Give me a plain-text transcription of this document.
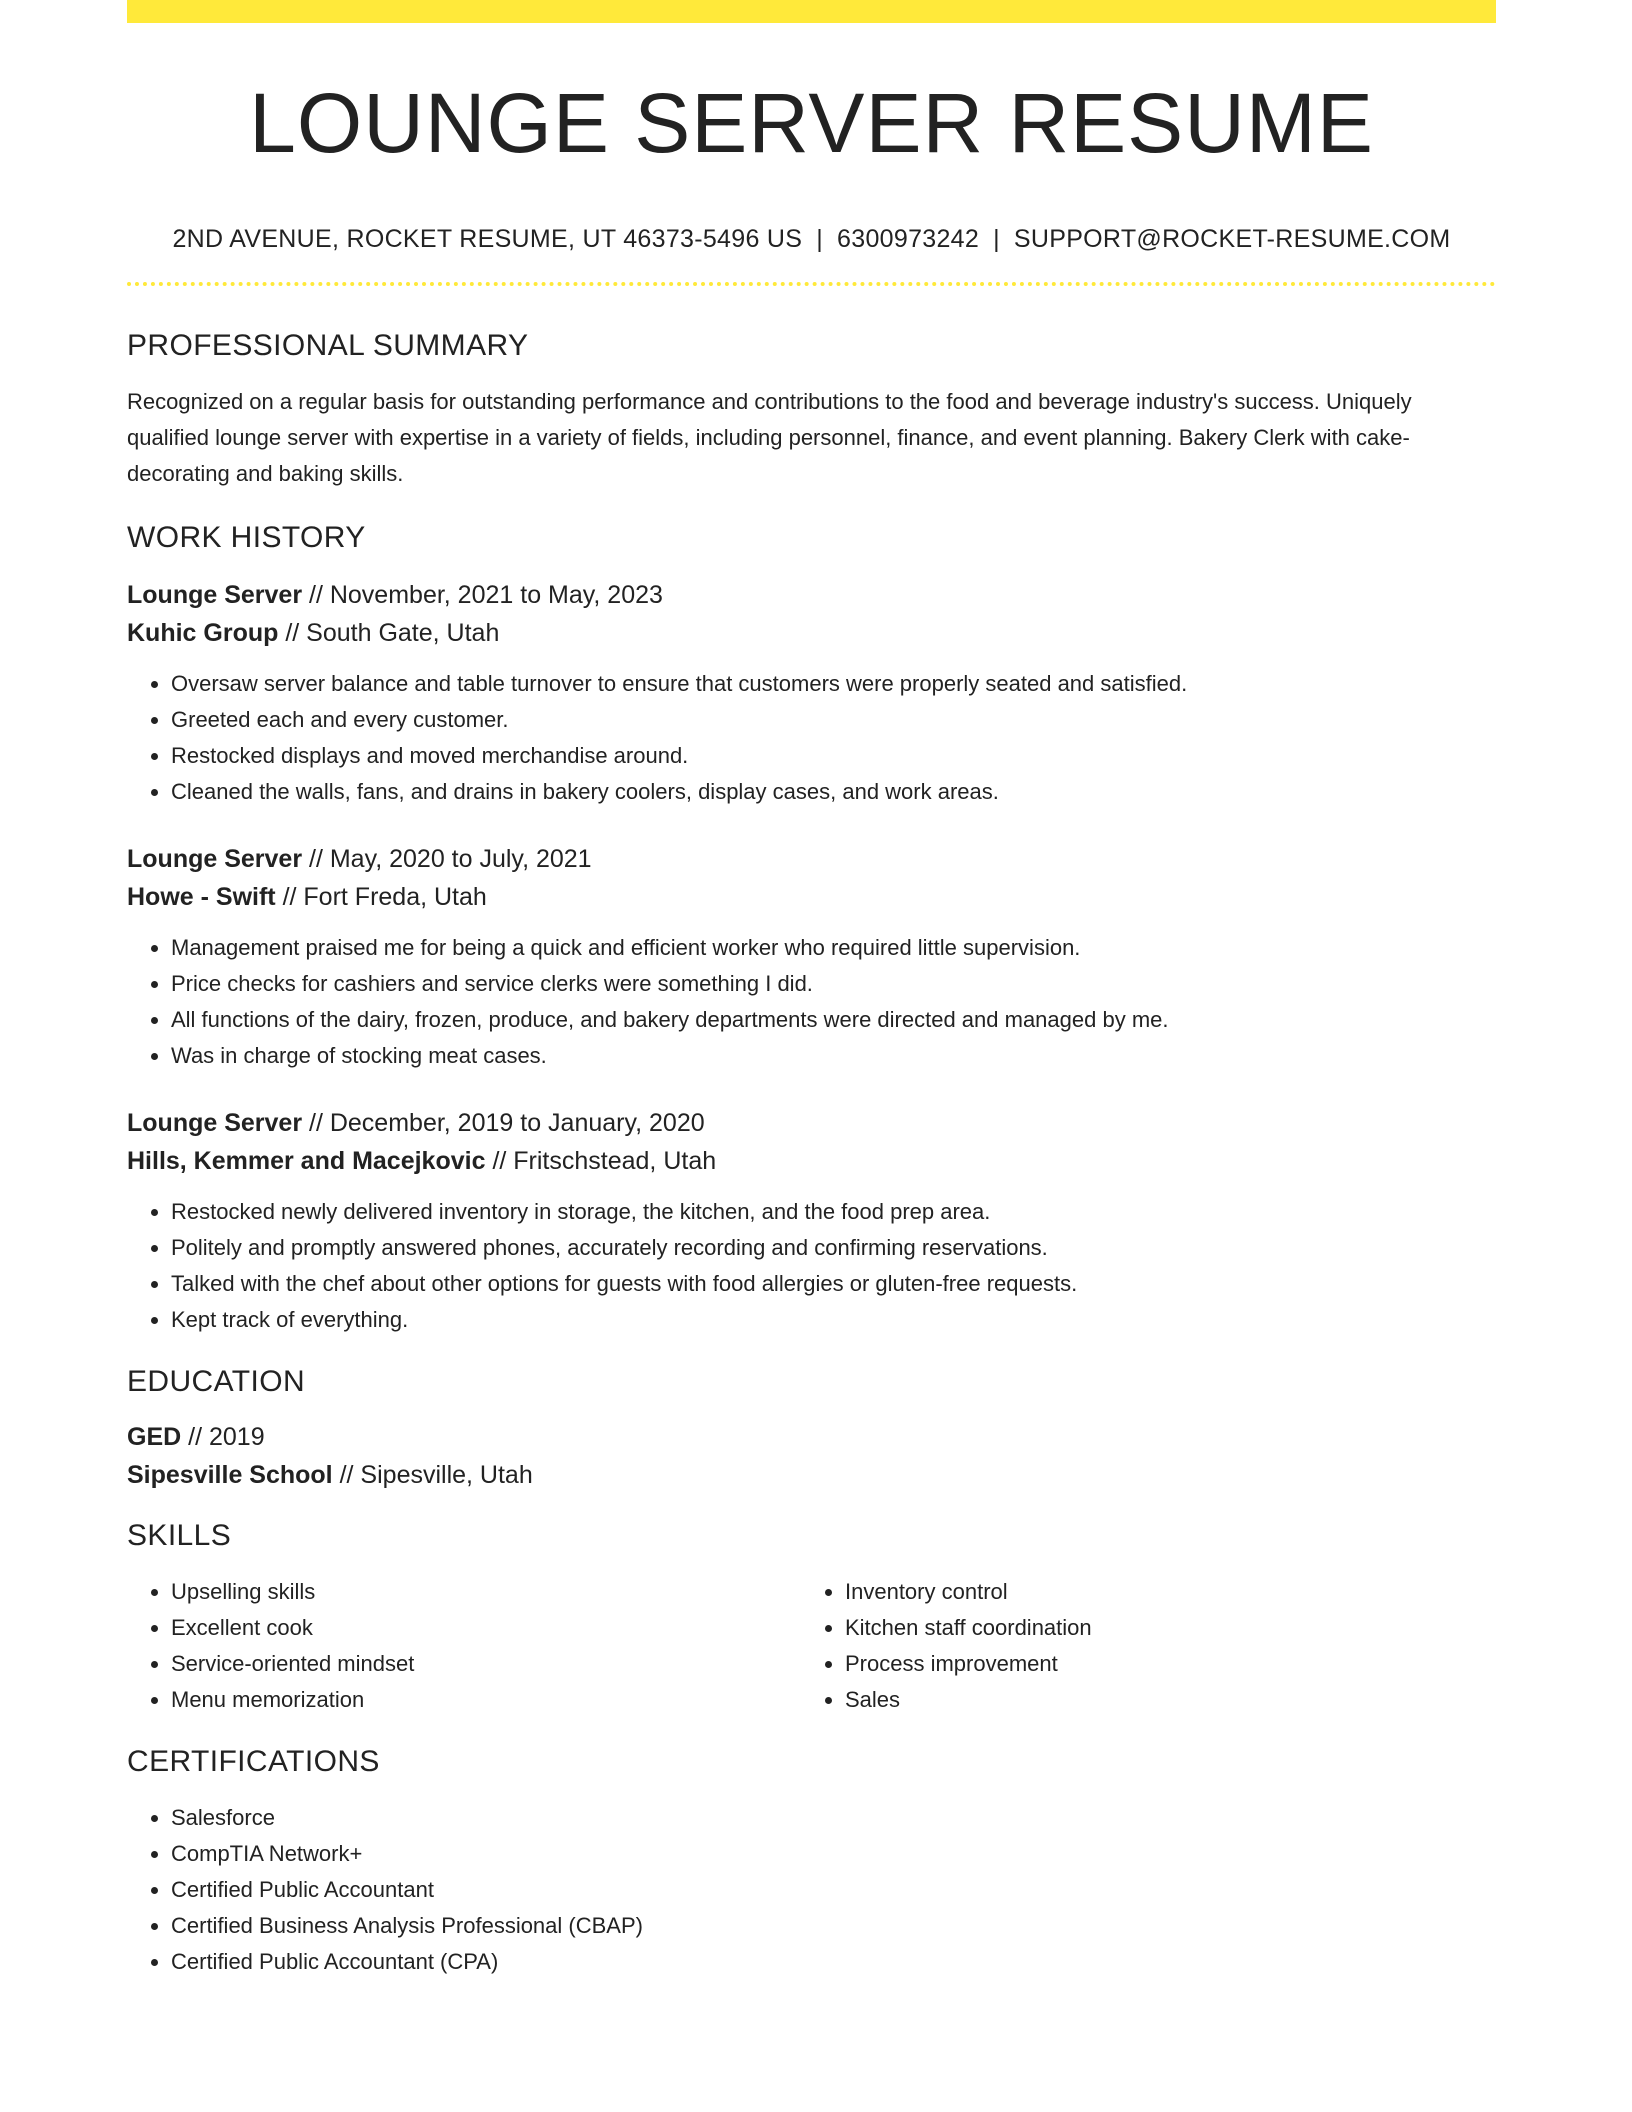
LOUNGE SERVER RESUME
2ND AVENUE, ROCKET RESUME, UT 46373-5496 US | 6300973242 | SUPPORT@ROCKET-RESUME.COM
PROFESSIONAL SUMMARY

Recognized on a regular basis for outstanding performance and contributions to the food and beverage industry's success. Uniquely qualified lounge server with expertise in a variety of fields, including personnel, finance, and event planning. Bakery Clerk with cake-decorating and baking skills.

WORK HISTORY
Lounge Server // November, 2021 to May, 2023
Kuhic Group // South Gate, Utah
• Oversaw server balance and table turnover to ensure that customers were properly seated and satisfied.
• Greeted each and every customer.
• Restocked displays and moved merchandise around.
• Cleaned the walls, fans, and drains in bakery coolers, display cases, and work areas.
Lounge Server // May, 2020 to July, 2021
Howe - Swift // Fort Freda, Utah
• Management praised me for being a quick and efficient worker who required little supervision.
• Price checks for cashiers and service clerks were something I did.
• All functions of the dairy, frozen, produce, and bakery departments were directed and managed by me.
• Was in charge of stocking meat cases.
Lounge Server // December, 2019 to January, 2020
Hills, Kemmer and Macejkovic // Fritschstead, Utah
• Restocked newly delivered inventory in storage, the kitchen, and the food prep area.
• Politely and promptly answered phones, accurately recording and confirming reservations.
• Talked with the chef about other options for guests with food allergies or gluten-free requests.
• Kept track of everything.
EDUCATION
GED // 2019
Sipesville School // Sipesville, Utah
SKILLS
• Upselling skills
• Excellent cook
• Service-oriented mindset
• Menu memorization
• Inventory control
• Kitchen staff coordination
• Process improvement
• Sales
CERTIFICATIONS
• Salesforce
• CompTIA Network+
• Certified Public Accountant
• Certified Business Analysis Professional (CBAP)
• Certified Public Accountant (CPA)
